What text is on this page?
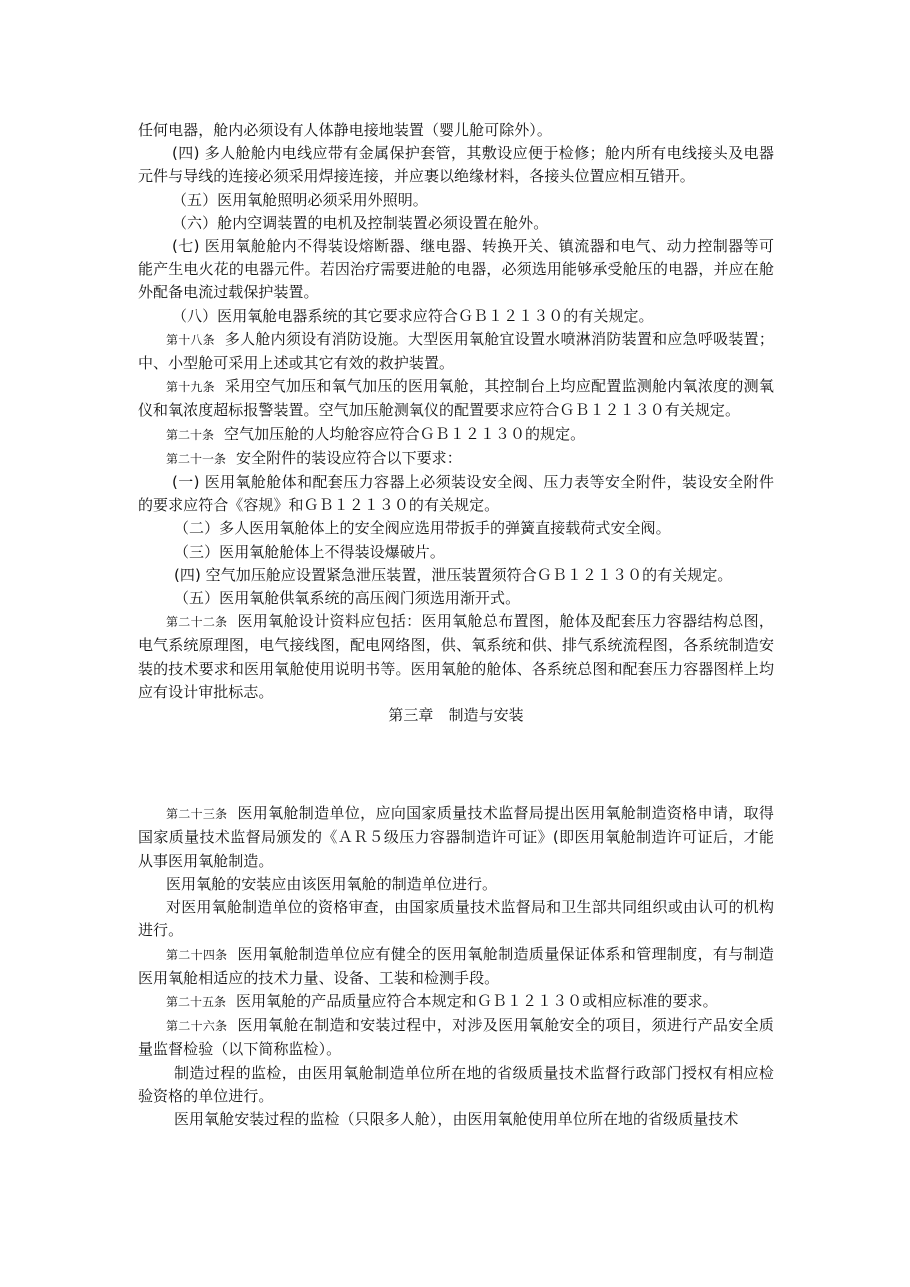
任何电器，舱内必须设有人体静电接地装置（婴儿舱可除外）。

(四) 多人舱舱内电线应带有金属保护套管，其敷设应便于检修；舱内所有电线接头及电器元件与导线的连接必须采用焊接连接，并应裹以绝缘材料，各接头位置应相互错开。

（五）医用氧舱照明必须采用外照明。

（六）舱内空调装置的电机及控制装置必须设置在舱外。

(七) 医用氧舱舱内不得装设熔断器、继电器、转换开关、镇流器和电气、动力控制器等可能产生电火花的电器元件。若因治疗需要进舱的电器，必须选用能够承受舱压的电器，并应在舱外配备电流过载保护装置。

（八）医用氧舱电器系统的其它要求应符合ＧＢ１２１３０的有关规定。

第十八条 多人舱内须设有消防设施。大型医用氧舱宜设置水喷淋消防装置和应急呼吸装置；中、小型舱可采用上述或其它有效的救护装置。

第十九条 采用空气加压和氧气加压的医用氧舱，其控制台上均应配置监测舱内氧浓度的测氧仪和氧浓度超标报警装置。空气加压舱测氧仪的配置要求应符合ＧＢ１２１３０有关规定。

第二十条 空气加压舱的人均舱容应符合ＧＢ１２１３０的规定。

第二十一条 安全附件的装设应符合以下要求：

(一) 医用氧舱舱体和配套压力容器上必须装设安全阀、压力表等安全附件，装设安全附件的要求应符合《容规》和ＧＢ１２１３０的有关规定。

（二）多人医用氧舱体上的安全阀应选用带扳手的弹簧直接载荷式安全阀。

（三）医用氧舱舱体上不得装设爆破片。

(四) 空气加压舱应设置紧急泄压装置，泄压装置须符合ＧＢ１２１３０的有关规定。

（五）医用氧舱供氧系统的高压阀门须选用渐开式。

第二十二条 医用氧舱设计资料应包括：医用氧舱总布置图，舱体及配套压力容器结构总图，电气系统原理图，电气接线图，配电网络图，供、氧系统和供、排气系统流程图，各系统制造安装的技术要求和医用氧舱使用说明书等。医用氧舱的舱体、各系统总图和配套压力容器图样上均应有设计审批标志。

第三章　制造与安装

第二十三条 医用氧舱制造单位，应向国家质量技术监督局提出医用氧舱制造资格申请，取得国家质量技术监督局颁发的《ＡＲ５级压力容器制造许可证》(即医用氧舱制造许可证后，才能从事医用氧舱制造。

医用氧舱的安装应由该医用氧舱的制造单位进行。

对医用氧舱制造单位的资格审查，由国家质量技术监督局和卫生部共同组织或由认可的机构进行。

第二十四条 医用氧舱制造单位应有健全的医用氧舱制造质量保证体系和管理制度，有与制造医用氧舱相适应的技术力量、设备、工装和检测手段。

第二十五条 医用氧舱的产品质量应符合本规定和ＧＢ１２１３０或相应标准的要求。

第二十六条 医用氧舱在制造和安装过程中，对涉及医用氧舱安全的项目，须进行产品安全质量监督检验（以下简称监检）。

制造过程的监检，由医用氧舱制造单位所在地的省级质量技术监督行政部门授权有相应检验资格的单位进行。

医用氧舱安装过程的监检（只限多人舱），由医用氧舱使用单位所在地的省级质量技术
